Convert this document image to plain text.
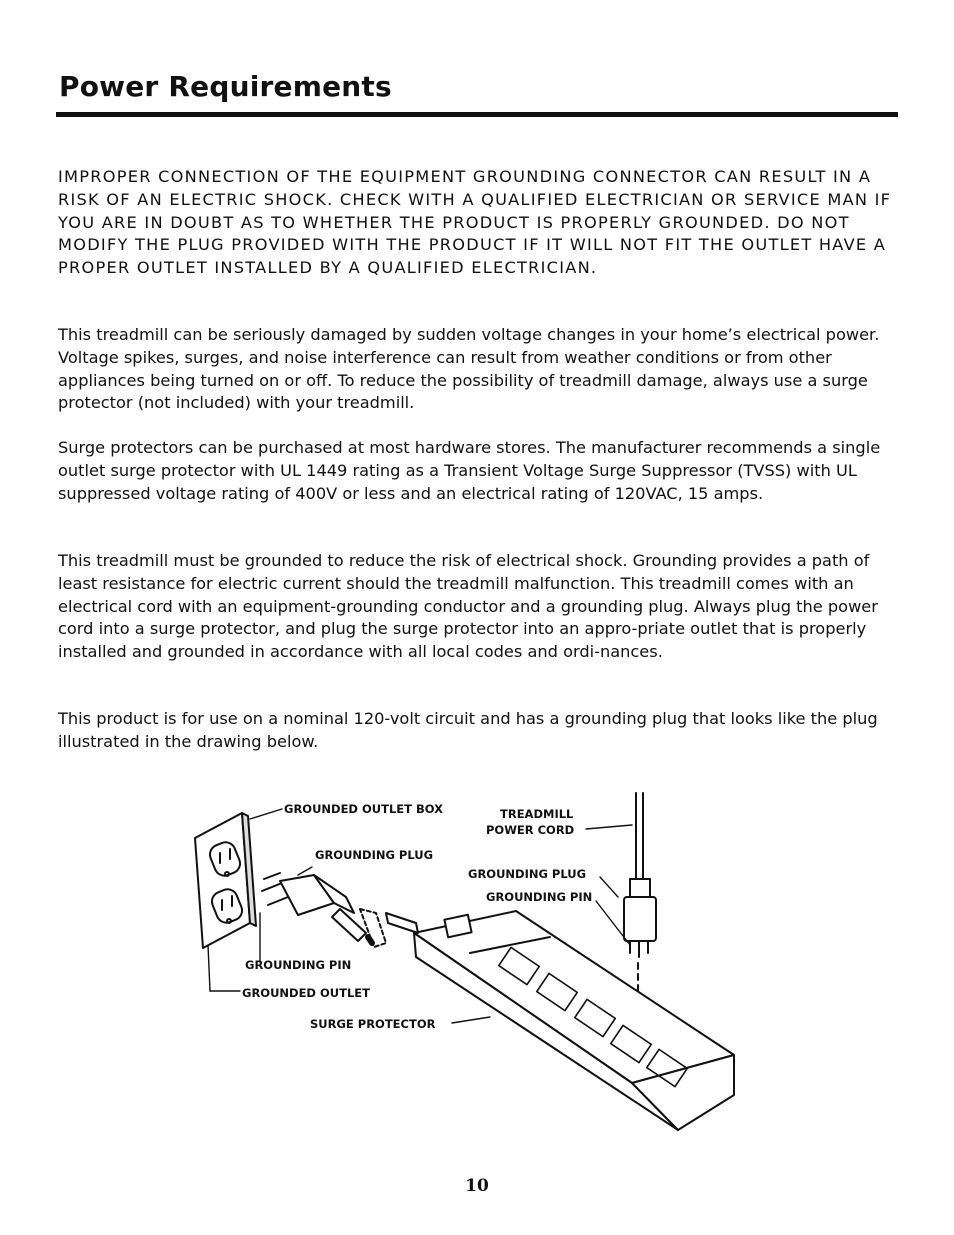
Power Requirements

IMPROPER CONNECTION OF THE EQUIPMENT GROUNDING CONNECTOR CAN RESULT IN A RISK OF AN ELECTRIC SHOCK. CHECK WITH A QUALIFIED ELECTRICIAN OR SERVICE MAN IF YOU ARE IN DOUBT AS TO WHETHER THE PRODUCT IS PROPERLY GROUNDED. DO NOT MODIFY THE PLUG PROVIDED WITH THE PRODUCT IF IT WILL NOT FIT THE OUTLET HAVE A PROPER OUTLET INSTALLED BY A QUALIFIED ELECTRICIAN.

This treadmill can be seriously damaged by sudden voltage changes in your home’s electrical power. Voltage spikes, surges, and noise interference can result from weather conditions or from other appliances being turned on or off. To reduce the possibility of treadmill damage, always use a surge protector (not included) with your treadmill.

Surge protectors can be purchased at most hardware stores. The manufacturer recommends a single outlet surge protector with UL 1449 rating as a Transient Voltage Surge Suppressor (TVSS) with UL suppressed voltage rating of 400V or less and an electrical rating of 120VAC, 15 amps.

This treadmill must be grounded to reduce the risk of electrical shock. Grounding provides a path of least resistance for electric current should the treadmill malfunction. This treadmill comes with an electrical cord with an equipment-grounding conductor and a grounding plug. Always plug the power cord into a surge protector, and plug the surge protector into an appro-priate outlet that is properly installed and grounded in accordance with all local codes and ordi-nances.

This product is for use on a nominal 120-volt circuit and has a grounding plug that looks like the plug illustrated in the drawing below.

GROUNDED OUTLET BOX
GROUNDING PLUG
GROUNDING PIN
GROUNDED OUTLET
SURGE PROTECTOR
TREADMILL
POWER CORD
GROUNDING PLUG
GROUNDING PIN
10
